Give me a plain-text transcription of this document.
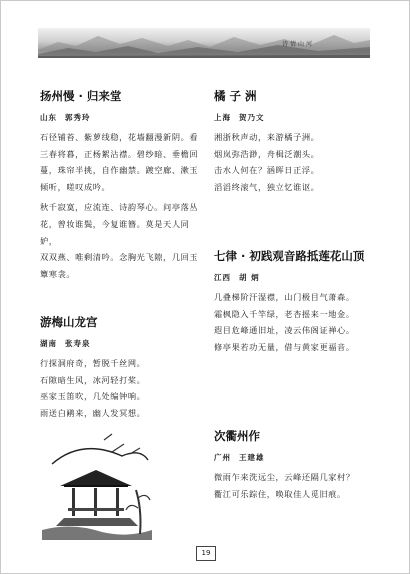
诗情山河
扬州慢 · 归来堂
山东 郭秀玲

石径铺苔、紫萝线稳，花墙翻漫新阴。看

三春将暮，正杨絮沾襟。碧纱暗、垂檐回

蔓，珠帘半挑，自作幽禁。踱空廊、漱玉

倾听，嗟叹成吟。

秋千寂寞，应流连、诗韵琴心。问亭落丛

花，曾妆谁鬓，今复谁簪。莫是天人同妒，

双双燕、唯剩清吟。念胸光飞隙，几回玉

簟寒衾。

游梅山龙宫
湖南 张寿泉

行探洞府奇，暂脱千丝网。

石隙暗生风，冰河轻打桨。

巫家玉笛吹，几处编钟响。

雨送白鹇来，幽人发冥想。

橘 子 洲
上海 贺乃文

湘浙秋声动，来游橘子洲。

烟岚弥浩渺，舟楫泛潮头。

击水人何在？涵晖日正浮。

滔滔终滚气，独立忆谁讴。

七律 · 初践观音路抵莲花山顶
江西 胡 炳

几叠梯阶汗湿襟，山门极目气萧森。

霜枫隐入千竿绿，老杏摇来一地金。

遐目危峰通旧址，凌云伟阁证禅心。

修亭果若功无量，借与黄家更福音。

次衢州作
广州 王建雄

微雨乍来洗远尘，云峰还隔几家村？

衢江可乐踪住，唤取佳人觅旧痕。

19
